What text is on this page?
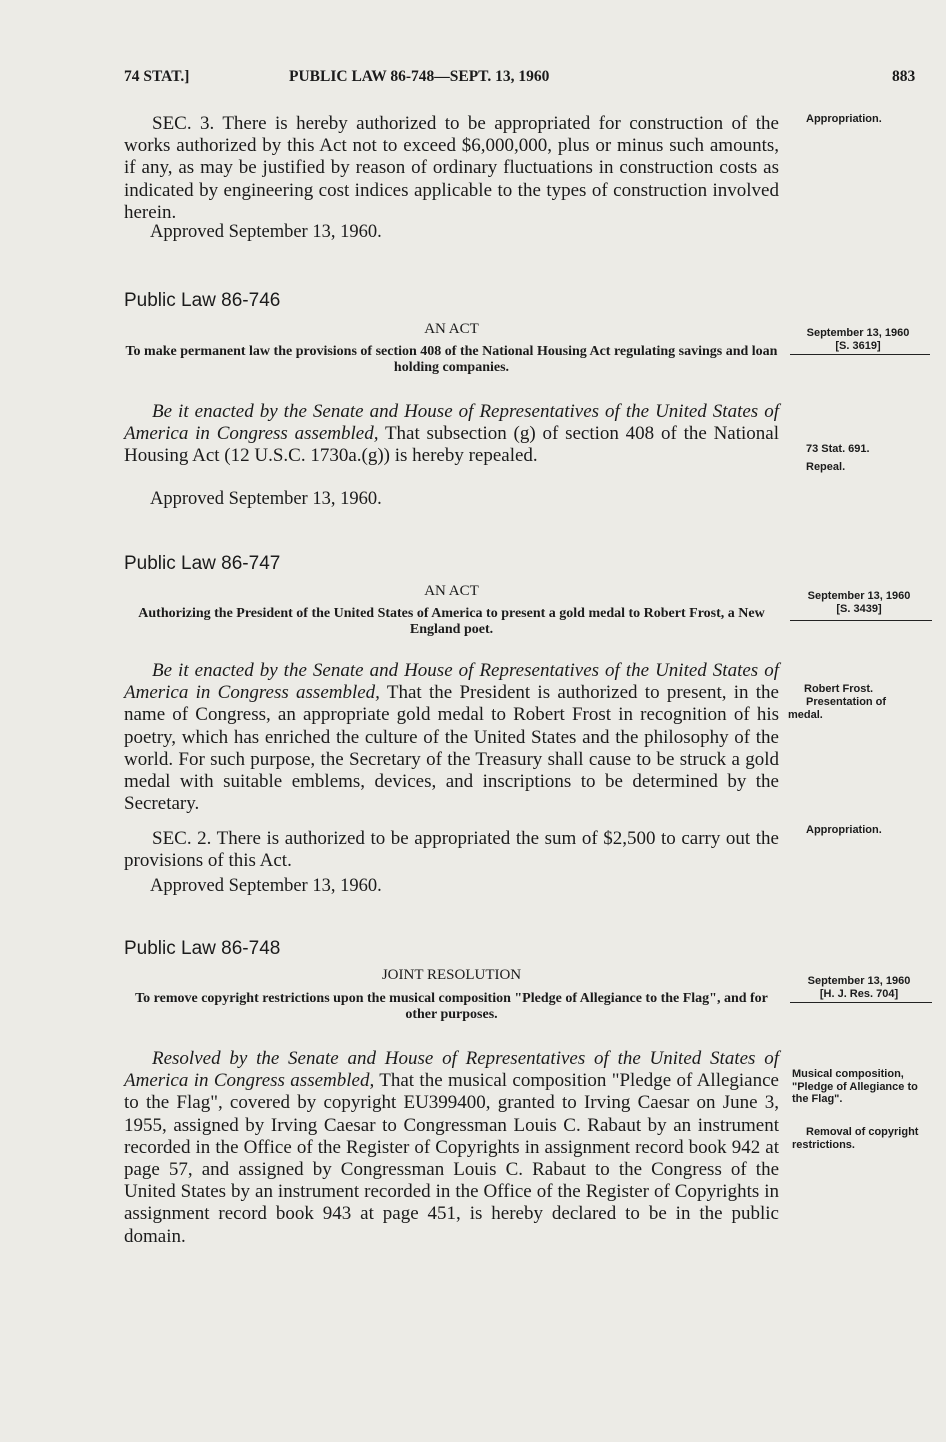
74 STAT.]	PUBLIC LAW 86-748—SEPT. 13, 1960	883

SEC. 3. There is hereby authorized to be appropriated for construction of the works authorized by this Act not to exceed $6,000,000, plus or minus such amounts, if any, as may be justified by reason of ordinary fluctuations in construction costs as indicated by engineering cost indices applicable to the types of construction involved herein.

Approved September 13, 1960.
Appropriation.
Public Law 86-746
AN ACT
To make permanent law the provisions of section 408 of the National Housing Act regulating savings and loan holding companies.
September 13, 1960
[S. 3619]

Be it enacted by the Senate and House of Representatives of the United States of America in Congress assembled, That subsection (g) of section 408 of the National Housing Act (12 U.S.C. 1730a.(g)) is hereby repealed.

Approved September 13, 1960.
73 Stat. 691.
Repeal.
Public Law 86-747
AN ACT
Authorizing the President of the United States of America to present a gold medal to Robert Frost, a New England poet.
September 13, 1960
[S. 3439]

Be it enacted by the Senate and House of Representatives of the United States of America in Congress assembled, That the President is authorized to present, in the name of Congress, an appropriate gold medal to Robert Frost in recognition of his poetry, which has enriched the culture of the United States and the philosophy of the world. For such purpose, the Secretary of the Treasury shall cause to be struck a gold medal with suitable emblems, devices, and inscriptions to be determined by the Secretary.

Robert Frost.
Presentation of
medal.

SEC. 2. There is authorized to be appropriated the sum of $2,500 to carry out the provisions of this Act.

Appropriation.
Approved September 13, 1960.
Public Law 86-748
JOINT RESOLUTION
To remove copyright restrictions upon the musical composition "Pledge of Allegiance to the Flag", and for other purposes.
September 13, 1960
[H. J. Res. 704]

Resolved by the Senate and House of Representatives of the United States of America in Congress assembled, That the musical composition "Pledge of Allegiance to the Flag", covered by copyright EU399400, granted to Irving Caesar on June 3, 1955, assigned by Irving Caesar to Congressman Louis C. Rabaut by an instrument recorded in the Office of the Register of Copyrights in assignment record book 942 at page 57, and assigned by Congressman Louis C. Rabaut to the Congress of the United States by an instrument recorded in the Office of the Register of Copyrights in assignment record book 943 at page 451, is hereby declared to be in the public domain.

Musical composition, "Pledge of Allegiance to the Flag".
Removal of copyright restrictions.
